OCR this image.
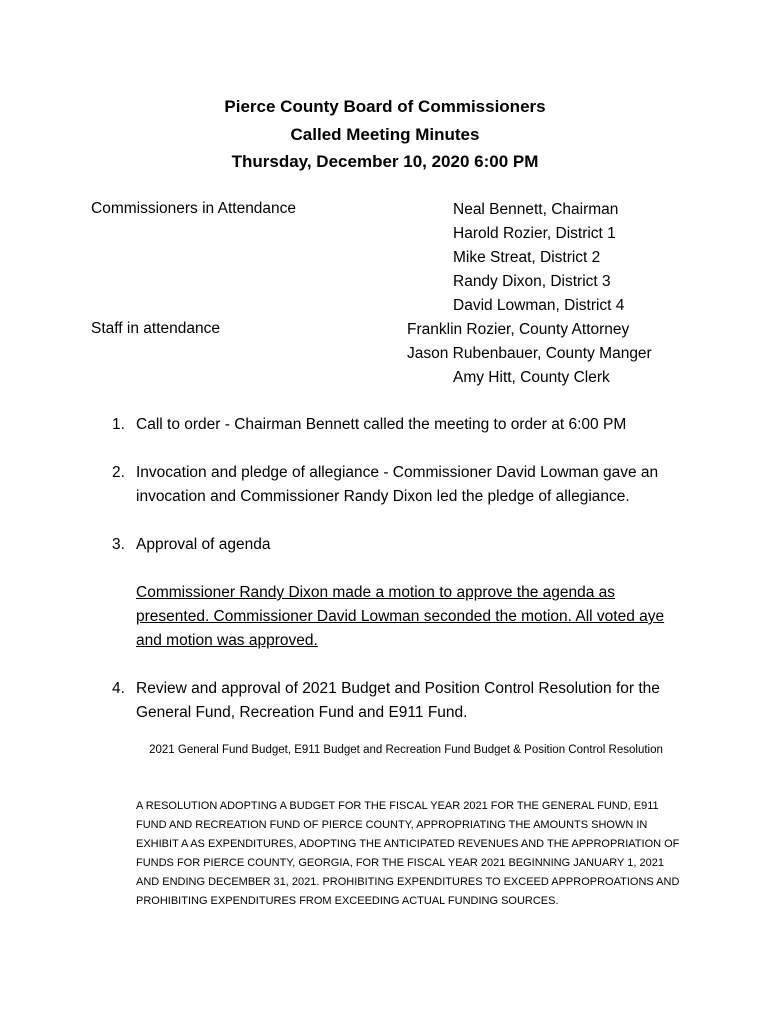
Pierce County Board of Commissioners
Called Meeting Minutes
Thursday, December 10, 2020 6:00 PM
Commissioners in Attendance	Neal Bennett, Chairman
Harold Rozier, District 1
Mike Streat, District 2
Randy Dixon, District 3
David Lowman, District 4
Staff in attendance	Franklin Rozier, County Attorney
Jason Rubenbauer, County Manger
Amy Hitt, County Clerk
1. Call to order - Chairman Bennett called the meeting to order at 6:00 PM
2. Invocation and pledge of allegiance - Commissioner David Lowman gave an invocation and Commissioner Randy Dixon led the pledge of allegiance.
3. Approval of agenda
Commissioner Randy Dixon made a motion to approve the agenda as presented. Commissioner David Lowman seconded the motion. All voted aye and motion was approved.
4. Review and approval of 2021 Budget and Position Control Resolution for the General Fund, Recreation Fund and E911 Fund.
2021 General Fund Budget, E911 Budget and Recreation Fund Budget & Position Control Resolution
A RESOLUTION ADOPTING A BUDGET FOR THE FISCAL YEAR 2021 FOR THE GENERAL FUND, E911 FUND AND RECREATION FUND OF PIERCE COUNTY, APPROPRIATING THE AMOUNTS SHOWN IN EXHIBIT A AS EXPENDITURES, ADOPTING THE ANTICIPATED REVENUES AND THE APPROPRIATION OF FUNDS FOR PIERCE COUNTY, GEORGIA, FOR THE FISCAL YEAR 2021 BEGINNING JANUARY 1, 2021 AND ENDING DECEMBER 31, 2021. PROHIBITING EXPENDITURES TO EXCEED APPROPROATIONS AND PROHIBITING EXPENDITURES FROM EXCEEDING ACTUAL FUNDING SOURCES.
